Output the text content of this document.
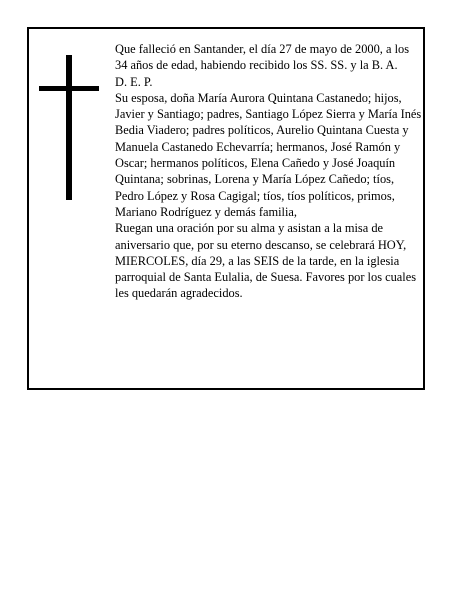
Que falleció en Santander, el día 27 de mayo de 2000, a los 34 años de edad, habiendo recibido los SS. SS. y la B. A.

D. E. P.

Su esposa, doña María Aurora Quintana Castanedo; hijos, Javier y Santiago; padres, Santiago López Sierra y María Inés Bedia Viadero; padres políticos, Aurelio Quintana Cuesta y Manuela Castanedo Echevarría; hermanos, José Ramón y Oscar; hermanos políticos, Elena Cañedo y José Joaquín Quintana; sobrinas, Lorena y María López Cañedo; tíos, Pedro López y Rosa Cagigal; tíos, tíos políticos, primos, Mariano Rodríguez y demás familia,

Ruegan una oración por su alma y asistan a la misa de aniversario que, por su eterno descanso, se celebrará HOY, MIERCOLES, día 29, a las SEIS de la tarde, en la iglesia parroquial de Santa Eulalia, de Suesa. Favores por los cuales les quedarán agradecidos.
